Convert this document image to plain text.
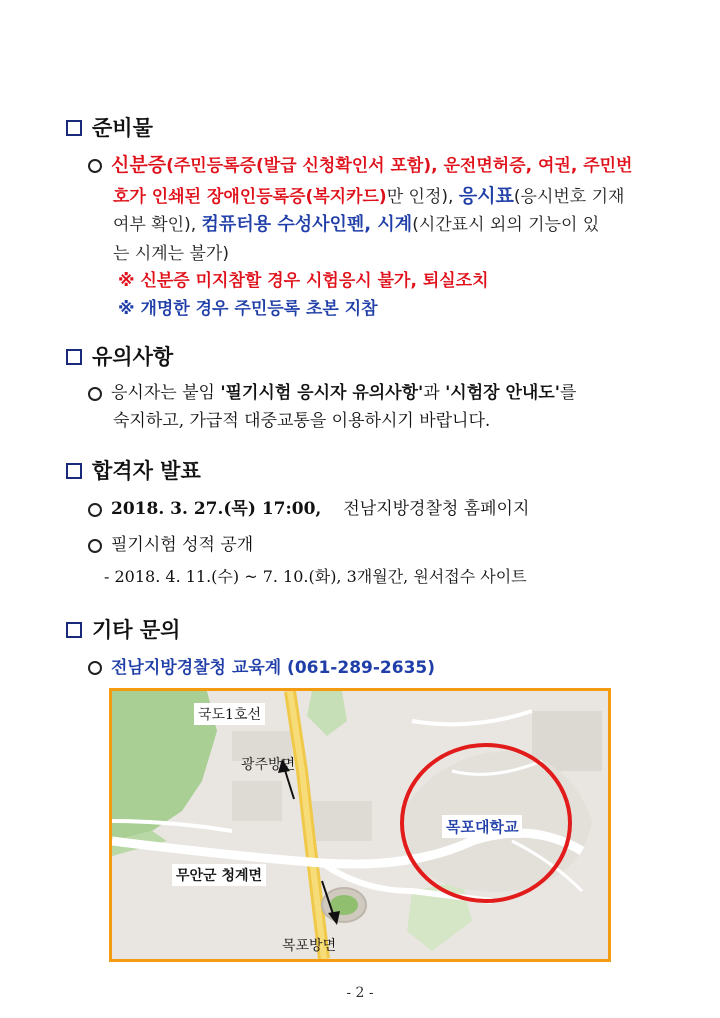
준비물
신분증(주민등록증(발급 신청확인서 포함), 운전면허증, 여권, 주민번
호가 인쇄된 장애인등록증(복지카드)만 인정), 응시표(응시번호 기재
여부 확인), 컴퓨터용 수성사인펜, 시계(시간표시 외의 기능이 있
는 시계는 불가)
※ 신분증 미지참할 경우 시험응시 불가, 퇴실조치
※ 개명한 경우 주민등록 초본 지참
유의사항
응시자는 붙임 '필기시험 응시자 유의사항'과 '시험장 안내도'를
숙지하고, 가급적 대중교통을 이용하시기 바랍니다.
합격자 발표
2018. 3. 27.(목) 17:00, 전남지방경찰청 홈페이지
필기시험 성적 공개
- 2018. 4. 11.(수) ~ 7. 10.(화), 3개월간, 원서접수 사이트
기타 문의
전남지방경찰청 교육계 (061-289-2635)
국도1호선
광주방면
목포대학교
무안군 청계면
목포방면
- 2 -
